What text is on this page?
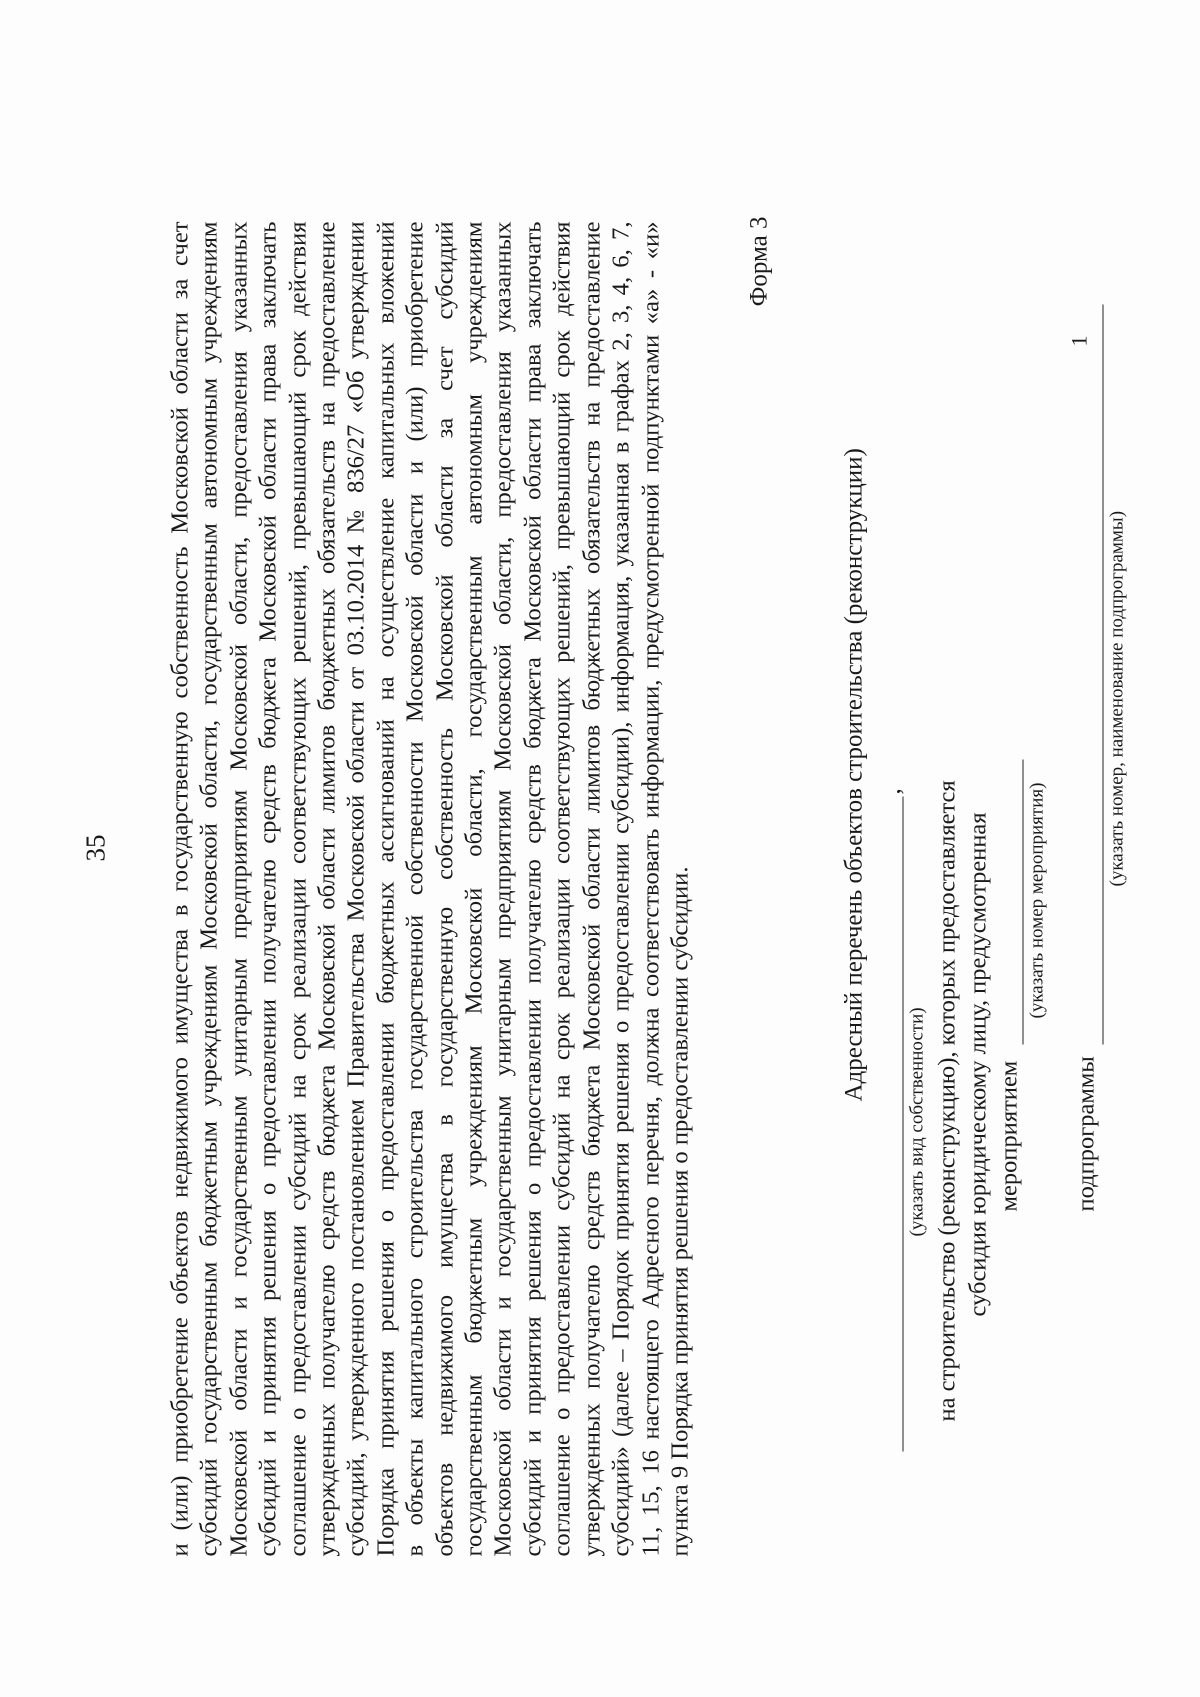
35 и (или) приобретение объектов недвижимого имущества в государственную собственность Московской области за счет субсидий государственным бюджетным учреждениям Московской области, государственным автономным учреждениям Московской области и государственным унитарным предприятиям Московской области, предоставления указанных субсидий и принятия решения о предоставлении получателю средств бюджета Московской области права заключать соглашение о предоставлении субсидий на срок реализации соответствующих решений, превышающий срок действия утвержденных получателю средств бюджета Московской области лимитов бюджетных обязательств на предоставление субсидий, утвержденного постановлением Правительства Московской области от 03.10.2014 № 836/27 «Об утверждении Порядка принятия решения о предоставлении бюджетных ассигнований на осуществление капитальных вложений в объекты капитального строительства государственной собственности Московской области и (или) приобретение объектов недвижимого имущества в государственную собственность Московской области за счет субсидий государственным бюджетным учреждениям Московской области, государственным автономным учреждениям Московской области и государственным унитарным предприятиям Московской области, предоставления указанных субсидий и принятия решения о предоставлении получателю средств бюджета Московской области права заключать соглашение о предоставлении субсидий на срок реализации соответствующих решений, превышающий срок действия утвержденных получателю средств бюджета Московской области лимитов бюджетных обязательств на предоставление субсидий» (далее – Порядок принятия решения о предоставлении субсидии), информация, указанная в графах 2, 3, 4, 6, 7, 11, 15, 16 настоящего Адресного перечня, должна соответствовать информации, предусмотренной подпунктами «а» - «и» пункта 9 Порядка принятия решения о предоставлении субсидии.
Форма 3
Адресный перечень объектов строительства (реконструкции) ,
(указать вид собственности) на строительство (реконструкцию), которых предоставляется субсидия юридическому лицу, предусмотренная мероприятием
(указать номер мероприятия)
подпрограммы
1
(указать номер, наименование подпрограммы)
